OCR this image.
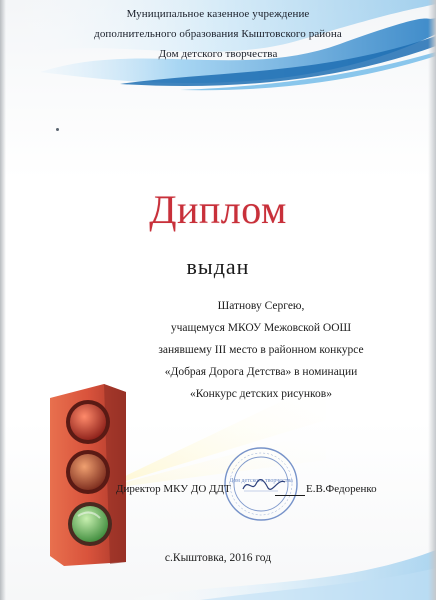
Муниципальное казенное учреждение
дополнительного образования Кыштовского района
Дом детского творчества
Диплом
выдан
Шатнову Сергею,
учащемуся МКОУ Межовской ООШ
занявшему III место в районном конкурсе
«Добрая Дорога Детства» в номинации
«Конкурс детских рисунков»
Дом детского творчества
Директор МКУ ДО ДДТ	Е.В.Федоренко
с.Кыштовка, 2016 год
